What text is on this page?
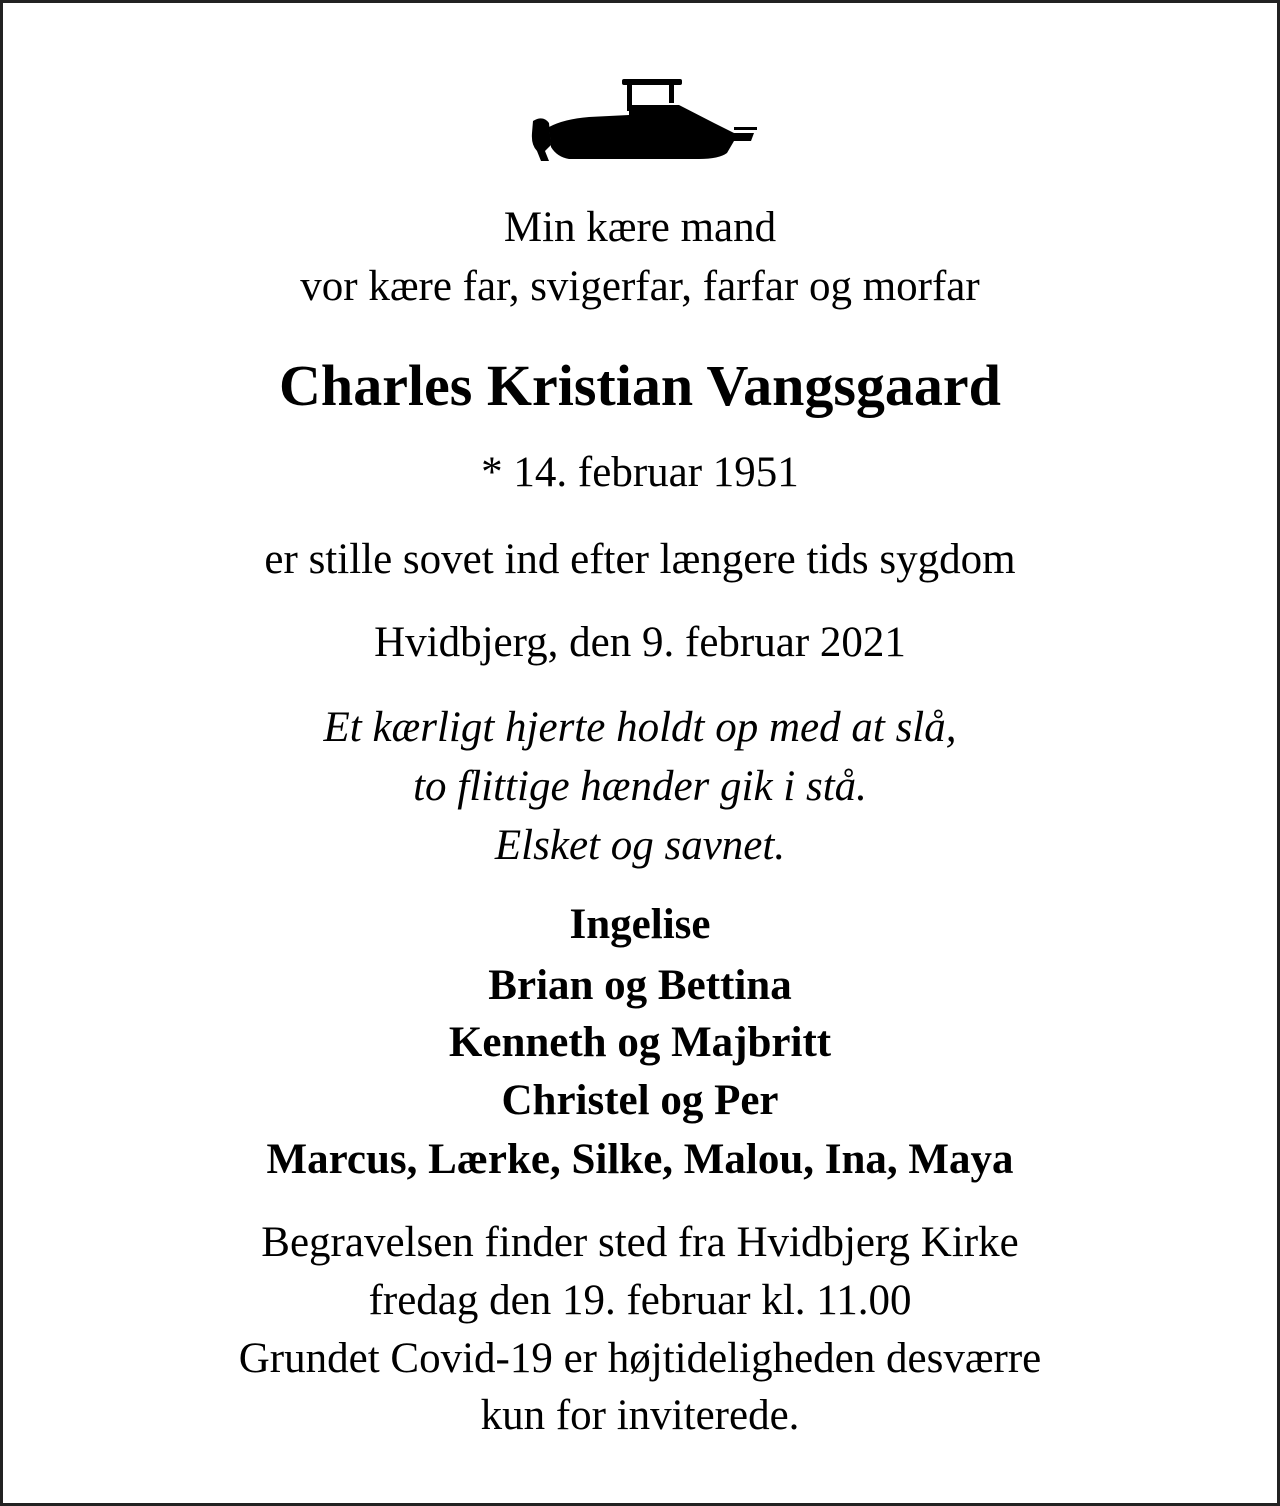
Min kære mand
vor kære far, svigerfar, farfar og morfar
Charles Kristian Vangsgaard
* 14. februar 1951
er stille sovet ind efter længere tids sygdom
Hvidbjerg, den 9. februar 2021
Et kærligt hjerte holdt op med at slå,
to flittige hænder gik i stå.
Elsket og savnet.
Ingelise
Brian og Bettina
Kenneth og Majbritt
Christel og Per
Marcus, Lærke, Silke, Malou, Ina, Maya
Begravelsen finder sted fra Hvidbjerg Kirke
fredag den 19. februar kl. 11.00
Grundet Covid-19 er højtideligheden desværre
kun for inviterede.
